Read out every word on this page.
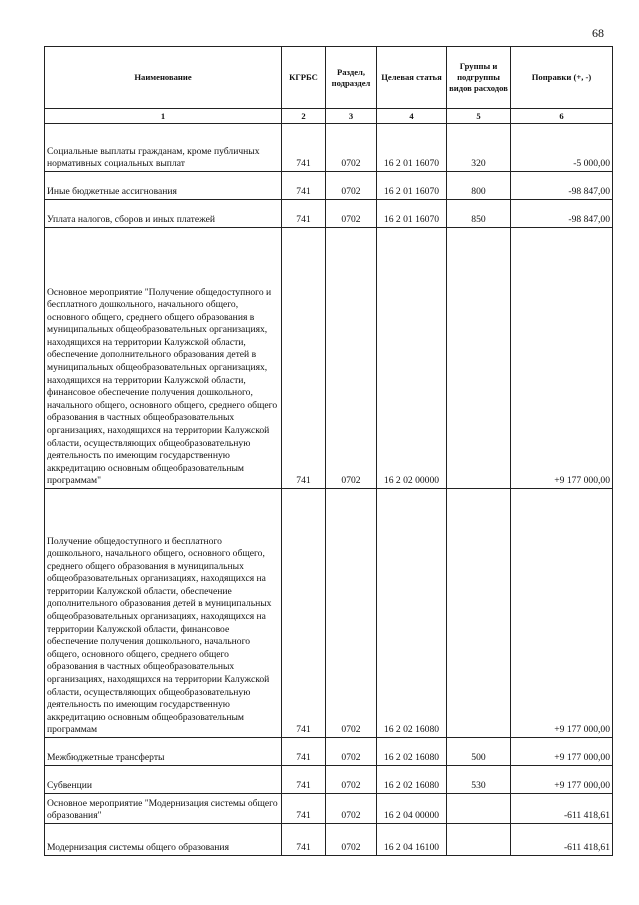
68
Наименование	КГРБС	Раздел, подраздел	Целевая статья	Группы и подгруппы видов расходов	Поправки (+, -)
1	2	3	4	5	6
Социальные выплаты гражданам, кроме публичных нормативных социальных выплат	741	0702	16 2 01 16070	320	-5 000,00
Иные бюджетные ассигнования	741	0702	16 2 01 16070	800	-98 847,00
Уплата налогов, сборов и иных платежей	741	0702	16 2 01 16070	850	-98 847,00
Основное мероприятие "Получение общедоступного и бесплатного дошкольного, начального общего, основного общего, среднего общего образования в муниципальных общеобразовательных организациях, находящихся на территории Калужской области, обеспечение дополнительного образования детей в муниципальных общеобразовательных организациях, находящихся на территории Калужской области, финансовое обеспечение получения дошкольного, начального общего, основного общего, среднего общего образования в частных общеобразовательных организациях, находящихся на территории Калужской области, осуществляющих общеобразовательную деятельность по имеющим государственную аккредитацию основным общеобразовательным программам"	741	0702	16 2 02 00000		+9 177 000,00
Получение общедоступного и бесплатного дошкольного, начального общего, основного общего, среднего общего образования в муниципальных общеобразовательных организациях, находящихся на территории Калужской области, обеспечение дополнительного образования детей в муниципальных общеобразовательных организациях, находящихся на территории Калужской области, финансовое обеспечение получения дошкольного, начального общего, основного общего, среднего общего образования в частных общеобразовательных организациях, находящихся на территории Калужской области, осуществляющих общеобразовательную деятельность по имеющим государственную аккредитацию основным общеобразовательным программам	741	0702	16 2 02 16080		+9 177 000,00
Межбюджетные трансферты	741	0702	16 2 02 16080	500	+9 177 000,00
Субвенции	741	0702	16 2 02 16080	530	+9 177 000,00
Основное мероприятие "Модернизация системы общего образования"	741	0702	16 2 04 00000		-611 418,61
Модернизация системы общего образования	741	0702	16 2 04 16100		-611 418,61
